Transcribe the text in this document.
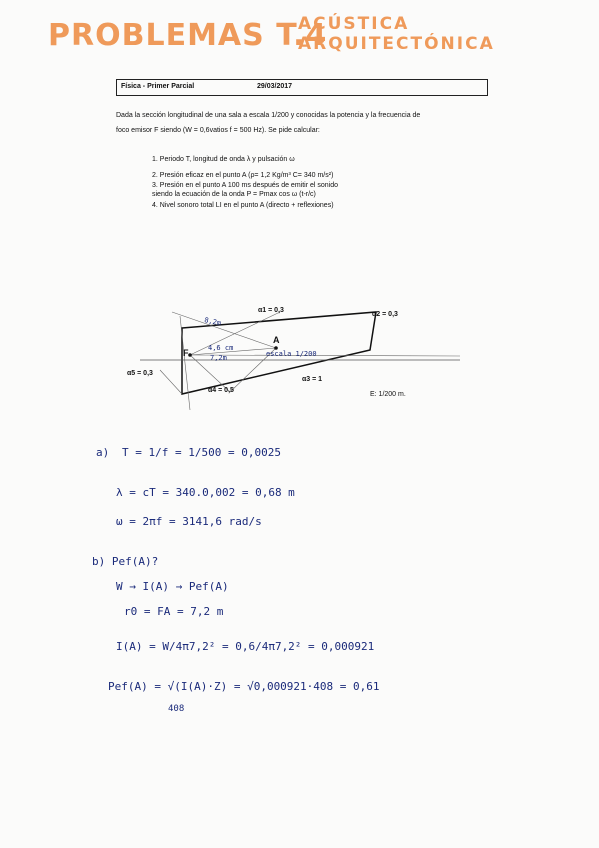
PROBLEMAS T.4
ACÚSTICA
ARQUITECTÓNICA
Física - Primer Parcial	29/03/2017
Dada la sección longitudinal de una sala a escala 1/200 y conocidas la potencia y la frecuencia de
foco emisor F siendo (W = 0,6vatios f = 500 Hz). Se pide calcular:
1. Periodo T, longitud de onda λ y pulsación ω
2. Presión eficaz en el punto A (ρ= 1,2 Kg/m³ C= 340 m/s²)
3. Presión en el punto A 100 ms después de emitir el sonido
siendo la ecuación de la onda P = Pmax cos ω (t-r/c)
4. Nivel sonoro total LI en el punto A (directo + reflexiones)
8,2m
4,6 cm
7,2m	escala 1/200
α1 = 0,3
α2 = 0,3
α3 = 1
α4 = 0,5
α5 = 0,3
F
A
E: 1/200 m.
a) T = 1/f = 1/500 = 0,0025
λ = cT = 340.0,002 = 0,68 m
ω = 2πf = 3141,6 rad/s
b) Pef(A)?
W → I(A) → Pef(A)
r0 = FA = 7,2 m
I(A) = W/4π7,2² = 0,6/4π7,2² = 0,000921
Pef(A) = √(I(A)·Z) = √0,000921·408 = 0,61
408
